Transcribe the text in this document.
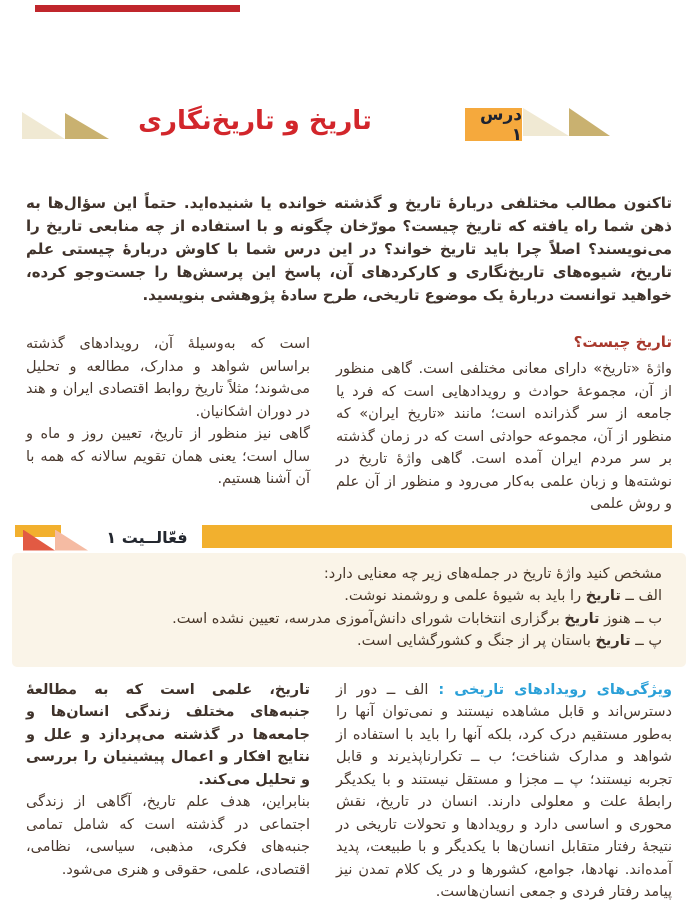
تاریخ و تاریخ‌نگاری	درس ۱

تاکنون مطالب مختلفی دربارهٔ تاریخ و گذشته خوانده یا شنیده‌اید. حتماً این سؤال‌ها به ذهن شما راه یافته که تاریخ چیست؟ مورّخان چگونه و با استفاده از چه منابعی تاریخ را می‌نویسند؟ اصلاً چرا باید تاریخ خواند؟ در این درس شما با کاوش دربارهٔ چیستی علم تاریخ، شیوه‌های تاریخ‌نگاری و کارکردهای آن، پاسخ این پرسش‌ها را جست‌وجو کرده، خواهید توانست دربارهٔ یک موضوع تاریخی، طرح سادهٔ پژوهشی بنویسید.

تاریخ چیست؟

واژهٔ «تاریخ» دارای معانی مختلفی است. گاهی منظور از آن، مجموعهٔ حوادث و رویدادهایی است که فرد یا جامعه از سر گذرانده است؛ مانند «تاریخ ایران» که منظور از آن، مجموعه حوادثی است که در زمان گذشته بر سر مردم ایران آمده است. گاهی واژهٔ تاریخ در نوشته‌ها و زبان علمی به‌کار می‌رود و منظور از آن علم و روش علمی

است که به‌وسیلهٔ آن، رویدادهای گذشته براساس شواهد و مدارک، مطالعه و تحلیل می‌شوند؛ مثلاً تاریخ روابط اقتصادی ایران و هند در دوران اشکانیان.

گاهی نیز منظور از تاریخ، تعیین روز و ماه و سال است؛ یعنی همان تقویم سالانه که همه با آن آشنا هستیم.

فعّالــیت ۱

مشخص کنید واژهٔ تاریخ در جمله‌های زیر چه معنایی دارد:

الف ــ تاریخ را باید به شیوهٔ علمی و روشمند نوشت.

ب ــ هنوز تاریخ برگزاری انتخابات شورای دانش‌آموزی مدرسه، تعیین نشده است.

پ ــ تاریخ باستان پر از جنگ و کشورگشایی است.

ویژگی‌های رویدادهای تاریخی : الف ــ دور از دسترس‌اند و قابل مشاهده نیستند و نمی‌توان آنها را به‌طور مستقیم درک کرد، بلکه آنها را باید با استفاده از شواهد و مدارک شناخت؛ ب ــ تکرارناپذیرند و قابل تجربه نیستند؛ پ ــ مجزا و مستقل نیستند و با یکدیگر رابطهٔ علت و معلولی دارند. انسان در تاریخ، نقش محوری و اساسی دارد و رویدادها و تحولات تاریخی در نتیجهٔ رفتار متقابل انسان‌ها با یکدیگر و با طبیعت، پدید آمده‌اند. نهادها، جوامع، کشورها و در یک کلام تمدن نیز پیامد رفتار فردی و جمعی انسان‌هاست.

تاریخ، علمی است که به مطالعهٔ جنبه‌های مختلف زندگی انسان‌ها و جامعه‌ها در گذشته می‌پردازد و علل و نتایج افکار و اعمال پیشینیان را بررسی و تحلیل می‌کند.

بنابراین، هدف علم تاریخ، آگاهی از زندگی اجتماعی در گذشته است که شامل تمامی جنبه‌های فکری، مذهبی، سیاسی، نظامی، اقتصادی، علمی، حقوقی و هنری می‌شود.
